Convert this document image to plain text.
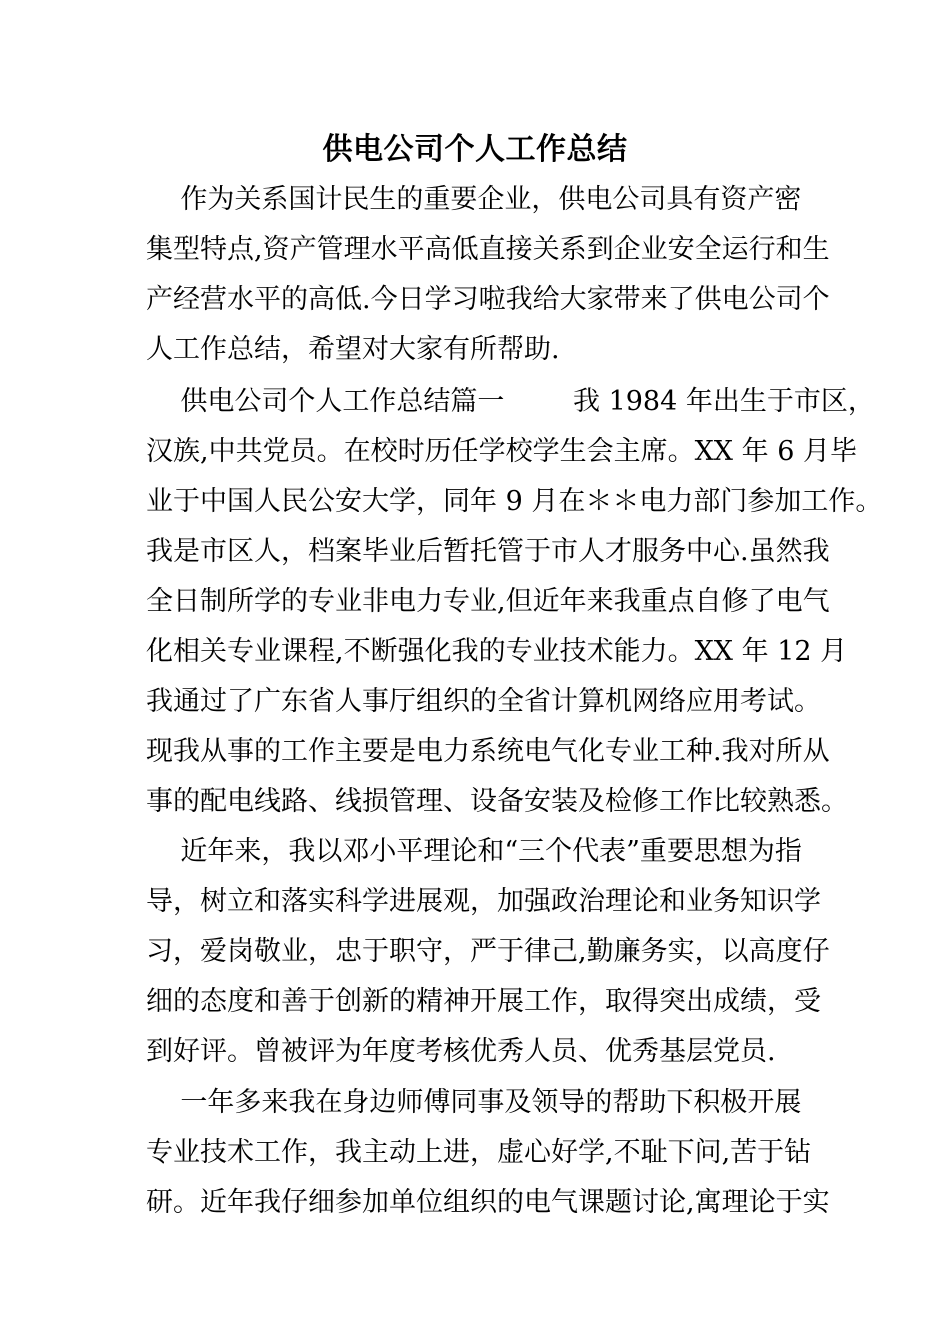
供电公司个人工作总结

作为关系国计民生的重要企业，供电公司具有资产密

集型特点,资产管理水平高低直接关系到企业安全运行和生

产经营水平的高低.今日学习啦我给大家带来了供电公司个

人工作总结，希望对大家有所帮助.

供电公司个人工作总结篇一        我 1984 年出生于市区，

汉族,中共党员。在校时历任学校学生会主席。XX 年 6 月毕

业于中国人民公安大学，同年 9 月在＊＊电力部门参加工作。

我是市区人，档案毕业后暂托管于市人才服务中心.虽然我

全日制所学的专业非电力专业,但近年来我重点自修了电气

化相关专业课程,不断强化我的专业技术能力。XX 年 12 月

我通过了广东省人事厅组织的全省计算机网络应用考试。

现我从事的工作主要是电力系统电气化专业工种.我对所从

事的配电线路、线损管理、设备安装及检修工作比较熟悉。

近年来，我以邓小平理论和“三个代表”重要思想为指

导，树立和落实科学进展观，加强政治理论和业务知识学

习，爱岗敬业，忠于职守，严于律己,勤廉务实，以高度仔

细的态度和善于创新的精神开展工作，取得突出成绩，受

到好评。曾被评为年度考核优秀人员、优秀基层党员.

一年多来我在身边师傅同事及领导的帮助下积极开展

专业技术工作，我主动上进，虚心好学,不耻下问,苦于钻

研。近年我仔细参加单位组织的电气课题讨论,寓理论于实
